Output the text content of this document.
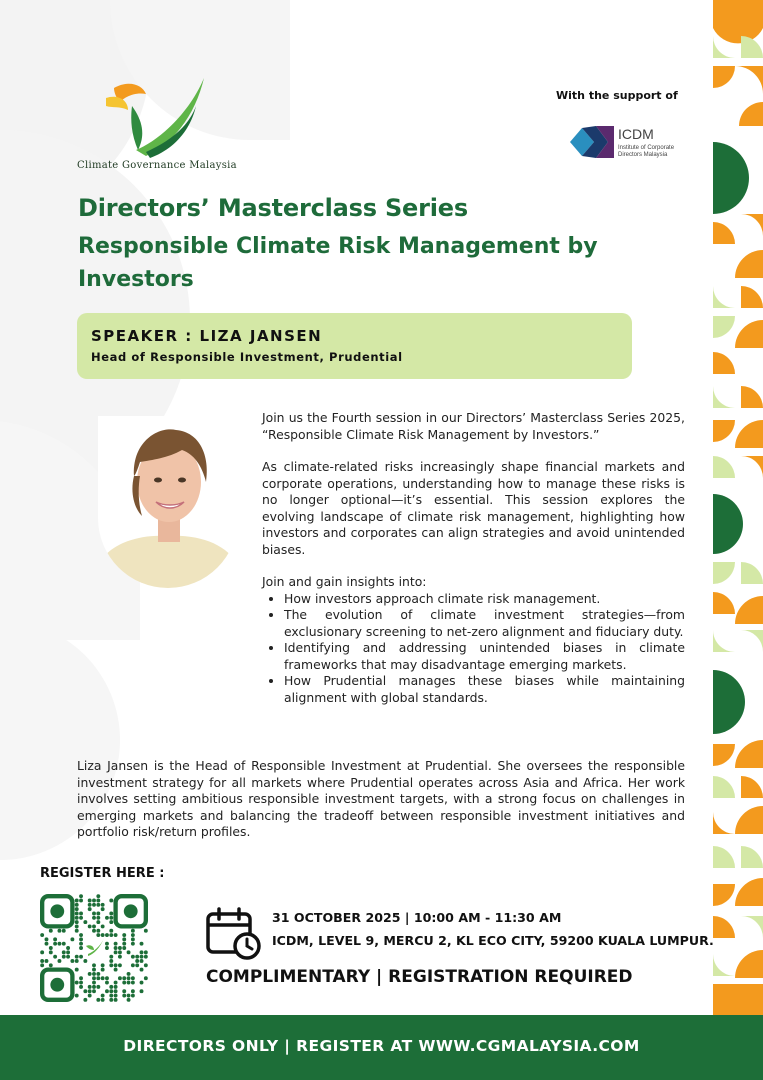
Climate Governance Malaysia
With the support of
ICDM
Institute of Corporate Directors Malaysia
Directors’ Masterclass Series
Responsible Climate Risk Management by Investors
SPEAKER : LIZA JANSEN
Head of Responsible Investment, Prudential

Join us the Fourth session in our Directors’ Masterclass Series 2025, “Responsible Climate Risk Management by Investors.”

As climate-related risks increasingly shape financial markets and corporate operations, understanding how to manage these risks is no longer optional—it’s essential. This session explores the evolving landscape of climate risk management, highlighting how investors and corporates can align strategies and avoid unintended biases.

Join and gain insights into:
• How investors approach climate risk management.
• The evolution of climate investment strategies—from exclusionary screening to net-zero alignment and fiduciary duty.
• Identifying and addressing unintended biases in climate frameworks that may disadvantage emerging markets.
• How Prudential manages these biases while maintaining alignment with global standards.
Liza Jansen is the Head of Responsible Investment at Prudential. She oversees the responsible investment strategy for all markets where Prudential operates across Asia and Africa. Her work involves setting ambitious responsible investment targets, with a strong focus on challenges in emerging markets and balancing the tradeoff between responsible investment initiatives and portfolio risk/return profiles.
REGISTER HERE :
31 OCTOBER 2025 | 10:00 AM - 11:30 AM
ICDM, LEVEL 9, MERCU 2, KL ECO CITY, 59200 KUALA LUMPUR.
COMPLIMENTARY | REGISTRATION REQUIRED
DIRECTORS ONLY | REGISTER AT WWW.CGMALAYSIA.COM
